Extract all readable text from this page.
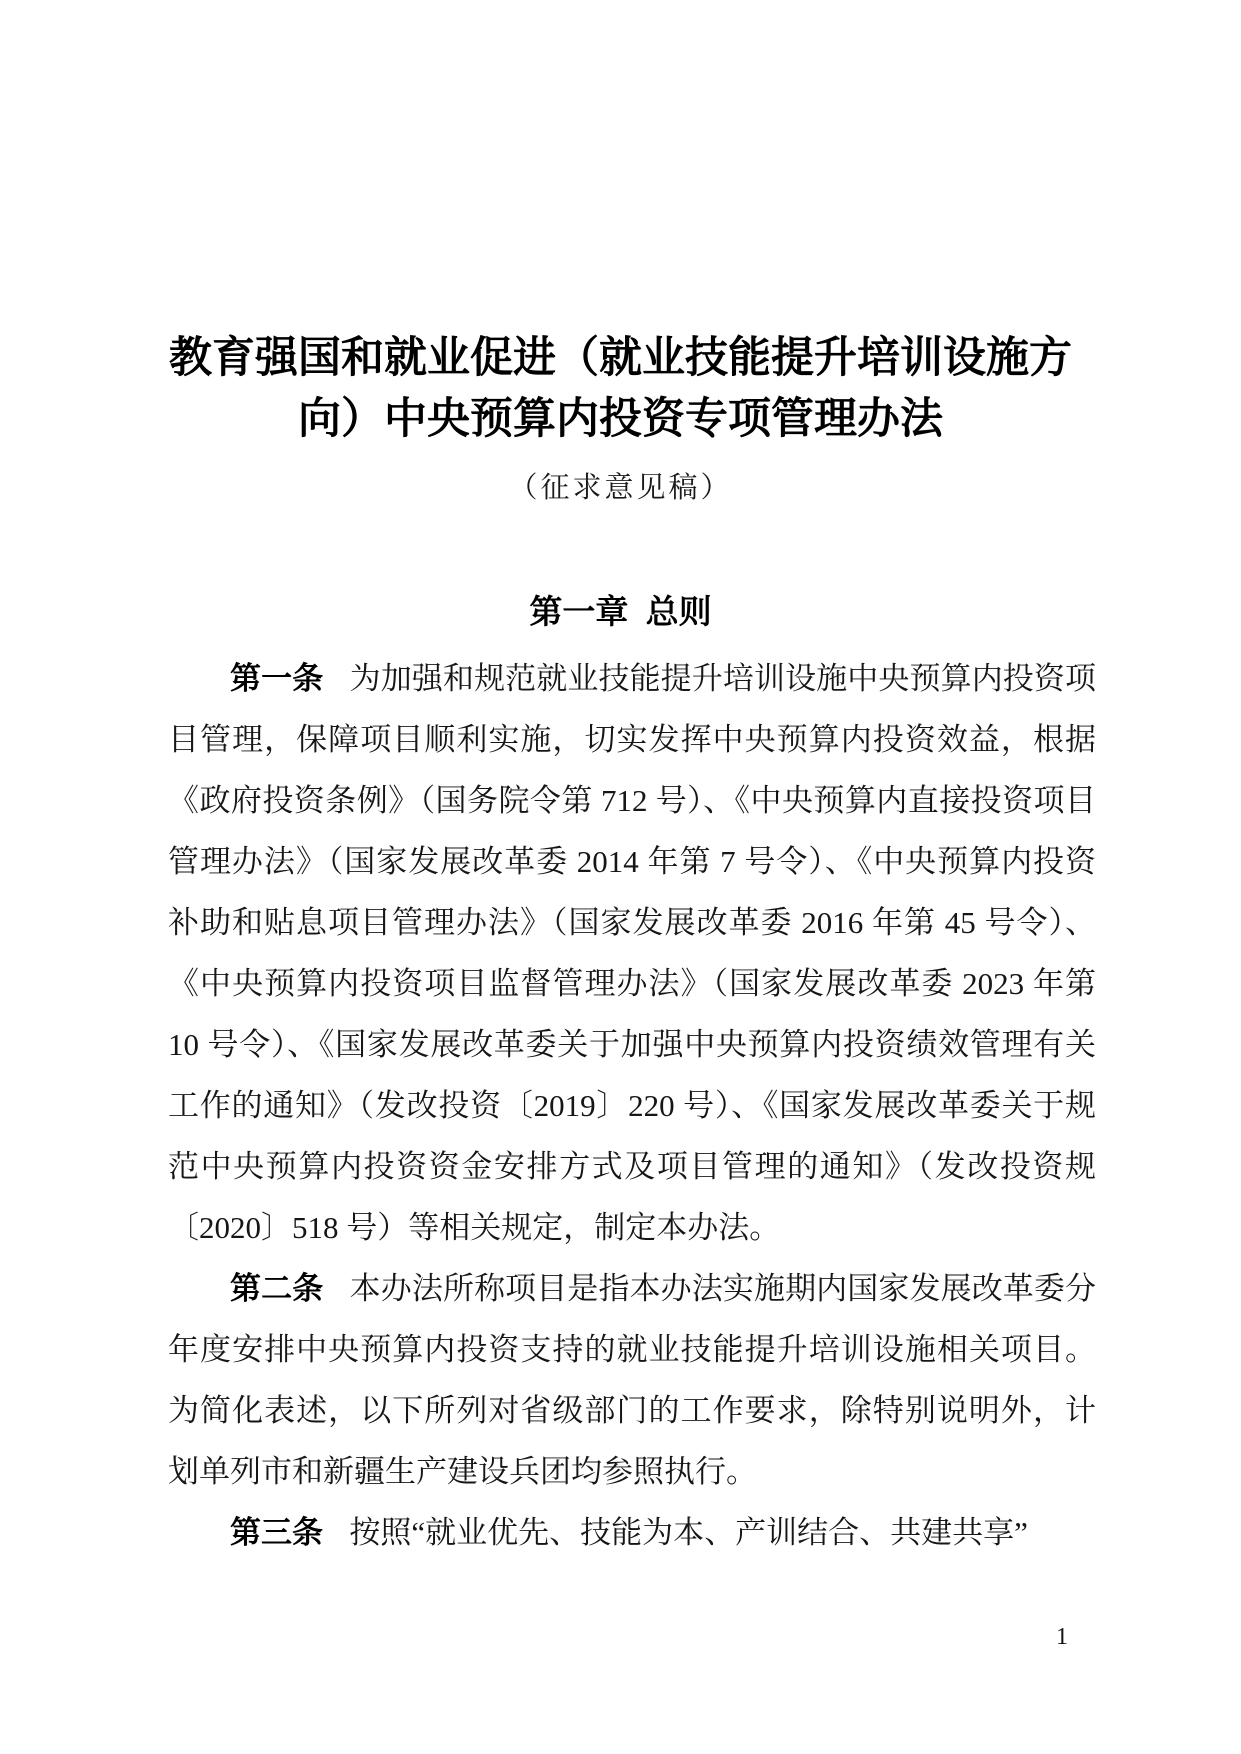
教育强国和就业促进（就业技能提升培训设施方向）中央预算内投资专项管理办法
（征求意见稿）
第一章 总则

第一条 为加强和规范就业技能提升培训设施中央预算内投资项目管理，保障项目顺利实施，切实发挥中央预算内投资效益，根据《政府投资条例》（国务院令第 712 号）、《中央预算内直接投资项目管理办法》（国家发展改革委 2014 年第 7 号令）、《中央预算内投资补助和贴息项目管理办法》（国家发展改革委 2016 年第 45 号令）、《中央预算内投资项目监督管理办法》（国家发展改革委 2023 年第 10 号令）、《国家发展改革委关于加强中央预算内投资绩效管理有关工作的通知》（发改投资〔2019〕220 号）、《国家发展改革委关于规范中央预算内投资资金安排方式及项目管理的通知》（发改投资规〔2020〕518 号）等相关规定，制定本办法。

第二条 本办法所称项目是指本办法实施期内国家发展改革委分年度安排中央预算内投资支持的就业技能提升培训设施相关项目。为简化表述，以下所列对省级部门的工作要求，除特别说明外，计划单列市和新疆生产建设兵团均参照执行。

第三条 按照“就业优先、技能为本、产训结合、共建共享”

1
